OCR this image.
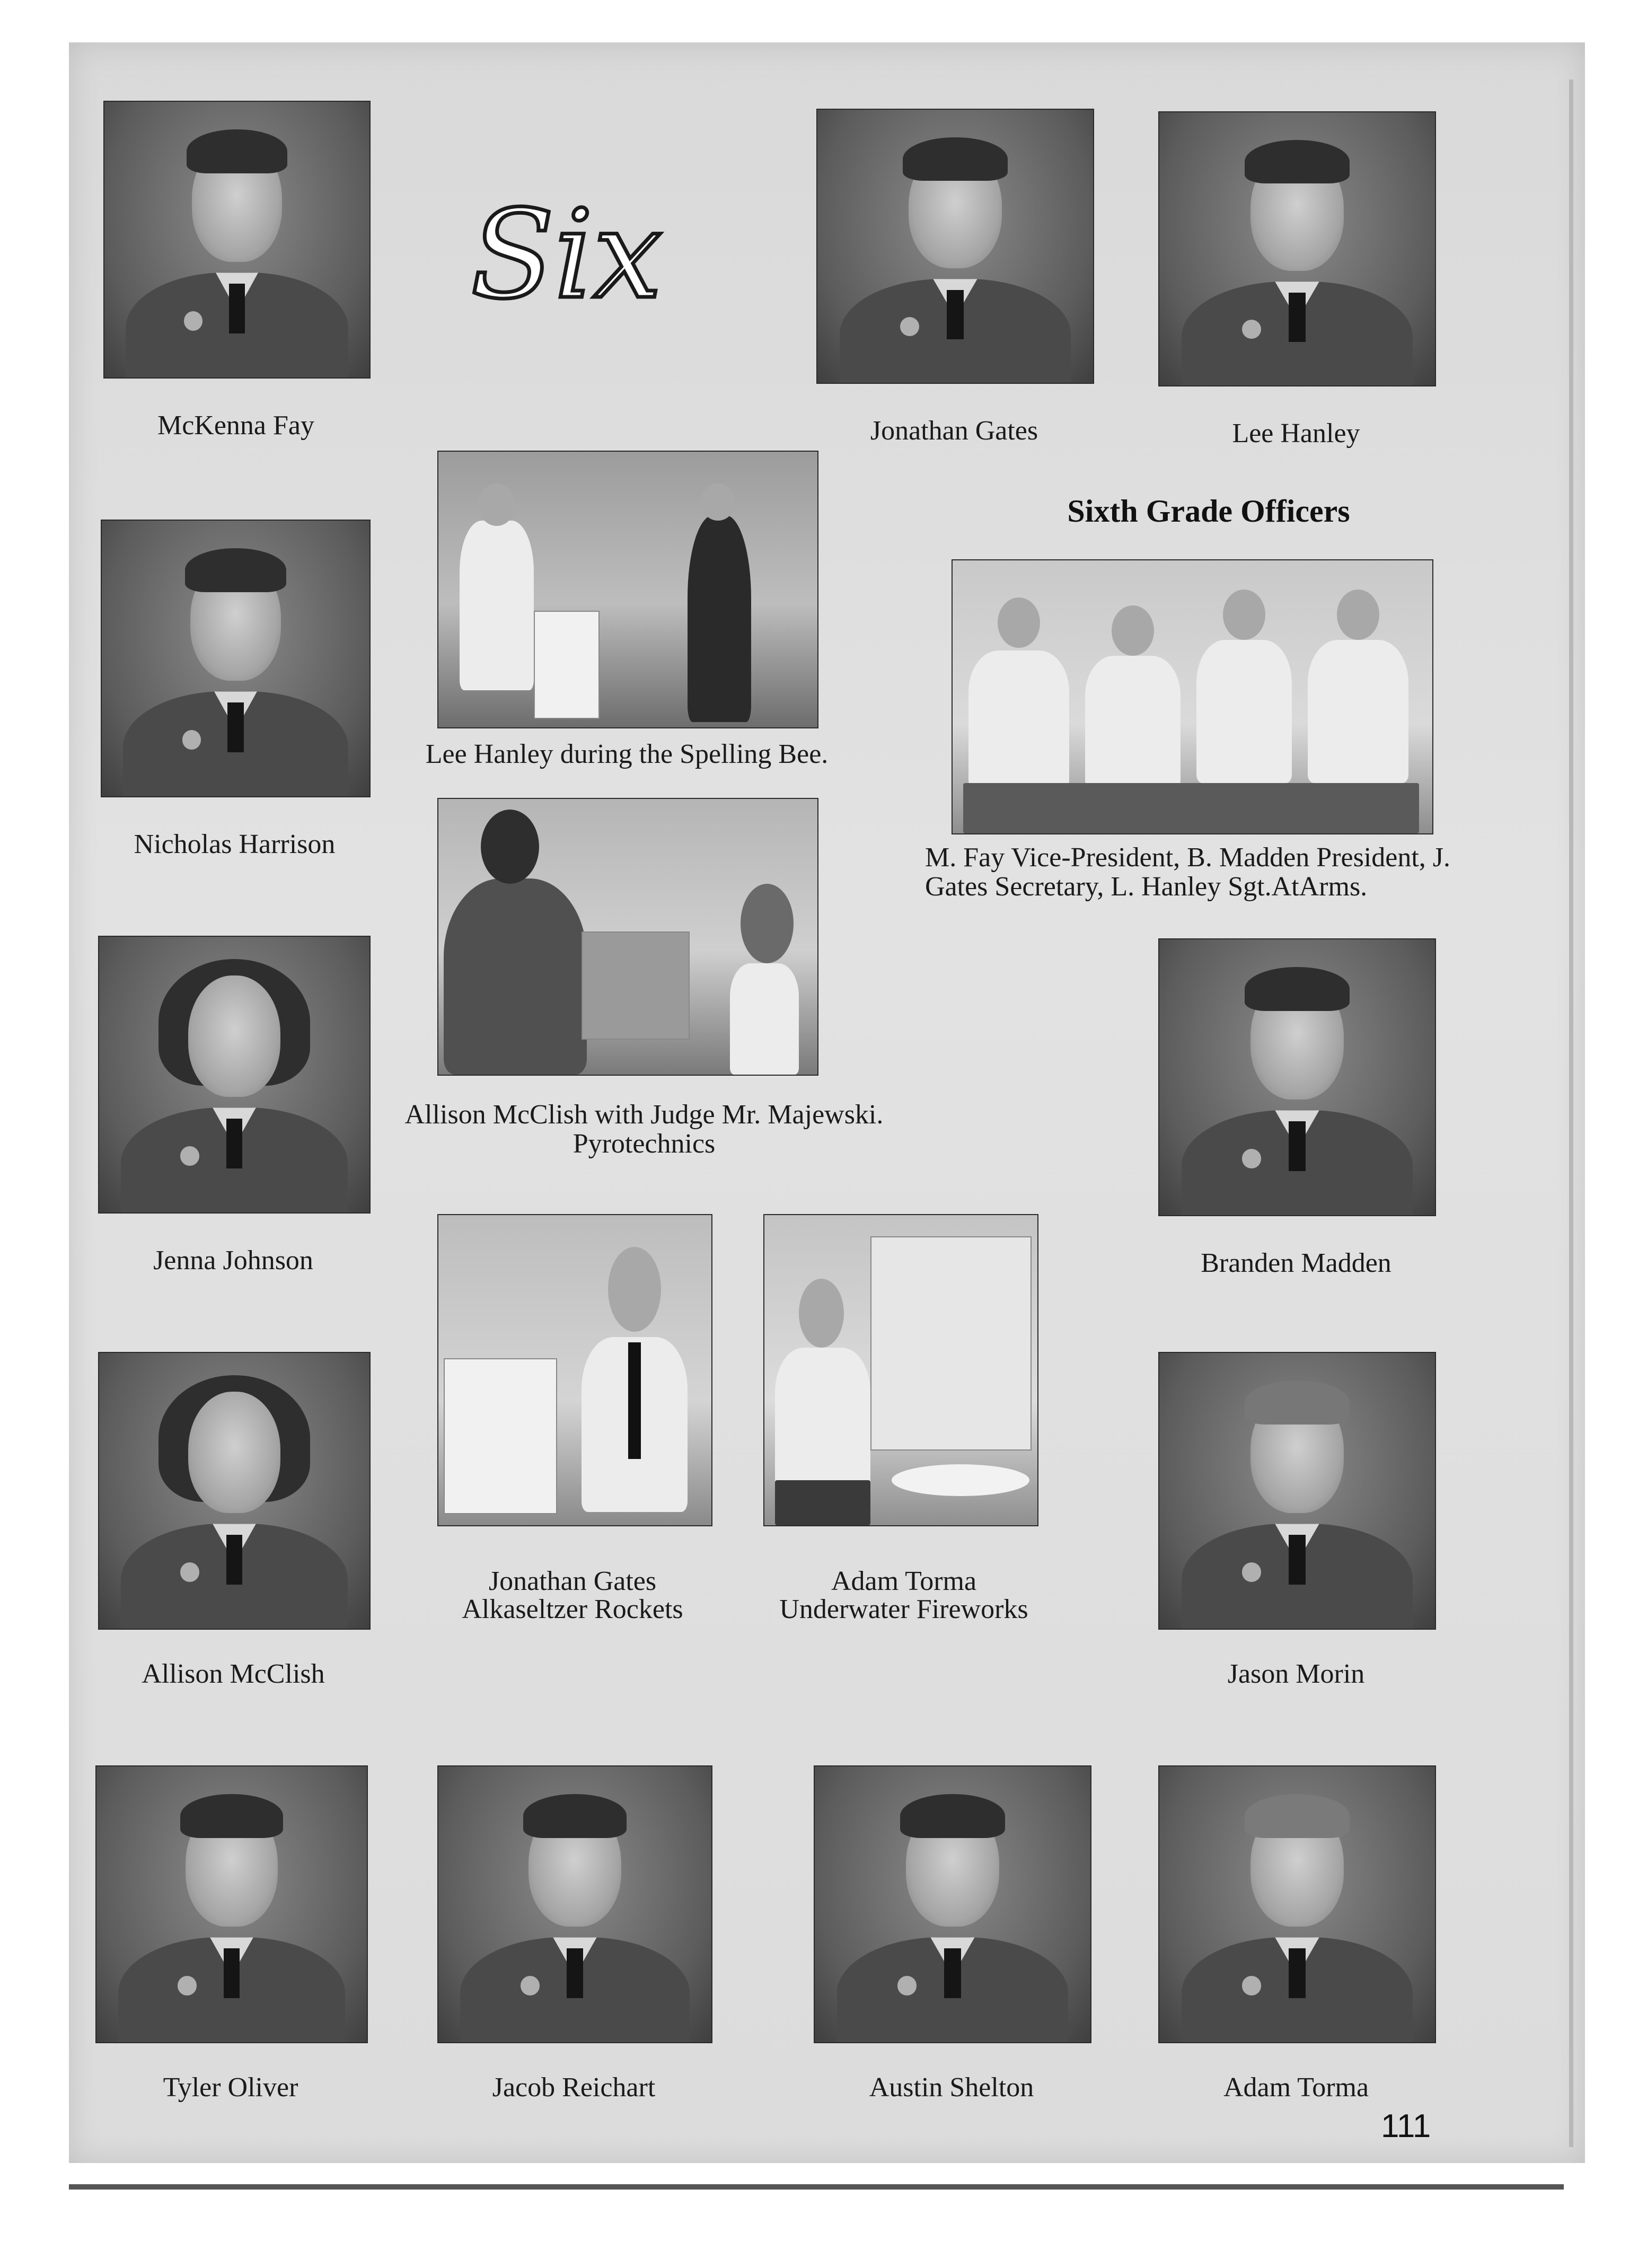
Six
McKenna Fay	Jonathan Gates	Lee Hanley
Lee Hanley during the Spelling Bee.
Sixth Grade Officers
M. Fay Vice-President, B. Madden President, J.
Gates Secretary, L. Hanley Sgt.AtArms.
Nicholas Harrison
Jenna Johnson
Allison McClish with Judge Mr. Majewski.
Pyrotechnics
Branden Madden
Jonathan Gates
Alkaseltzer Rockets
Adam Torma
Underwater Fireworks
Allison McClish	Jason Morin
Tyler Oliver	Jacob Reichart	Austin Shelton	Adam Torma
111
